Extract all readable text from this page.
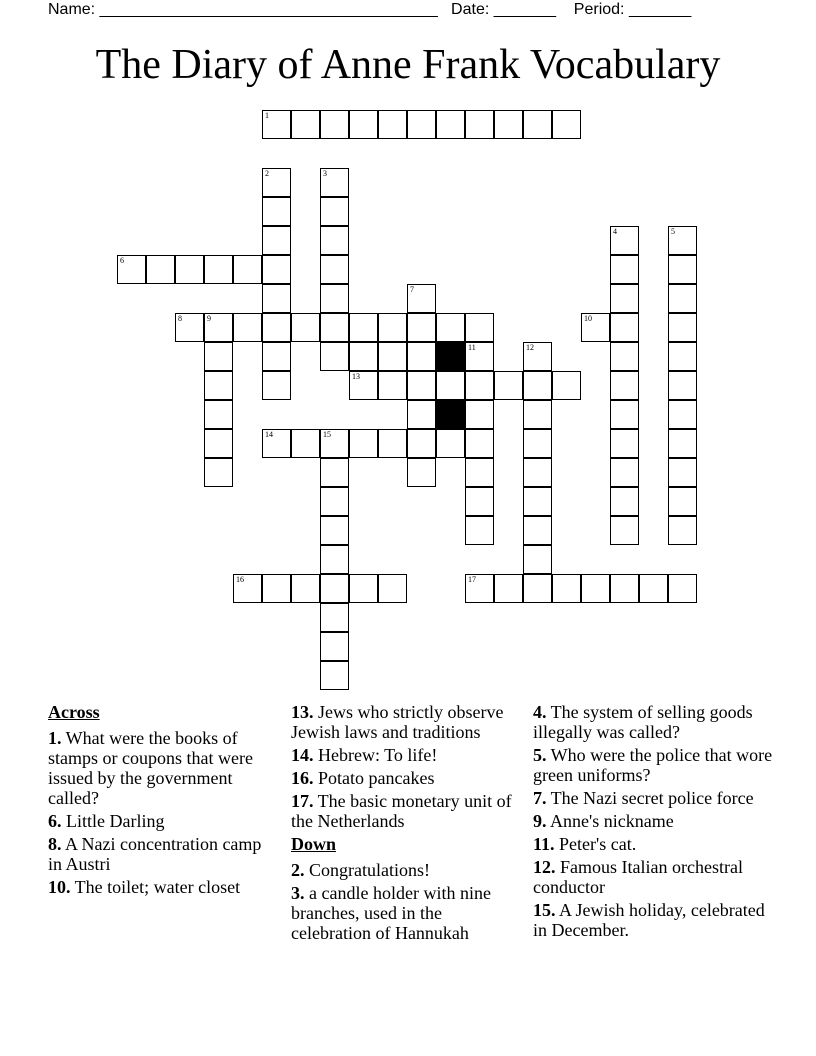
Name: ______________________________________   Date: _______    Period: _______
The Diary of Anne Frank Vocabulary
1
2	3
4	5
6
7
8	9	10
11	12
13
14	15
16	17
Across
1. What were the books of stamps or coupons that were issued by the government called?
6. Little Darling
8. A Nazi concentration camp in Austri
10. The toilet; water closet
13. Jews who strictly observe Jewish laws and traditions
14. Hebrew: To life!
16. Potato pancakes
17. The basic monetary unit of the Netherlands
Down
2. Congratulations!
3. a candle holder with nine branches, used in the celebration of Hannukah
4. The system of selling goods illegally was called?
5. Who were the police that wore green uniforms?
7. The Nazi secret police force
9. Anne's nickname
11. Peter's cat.
12. Famous Italian orchestral conductor
15. A Jewish holiday, celebrated in December.
